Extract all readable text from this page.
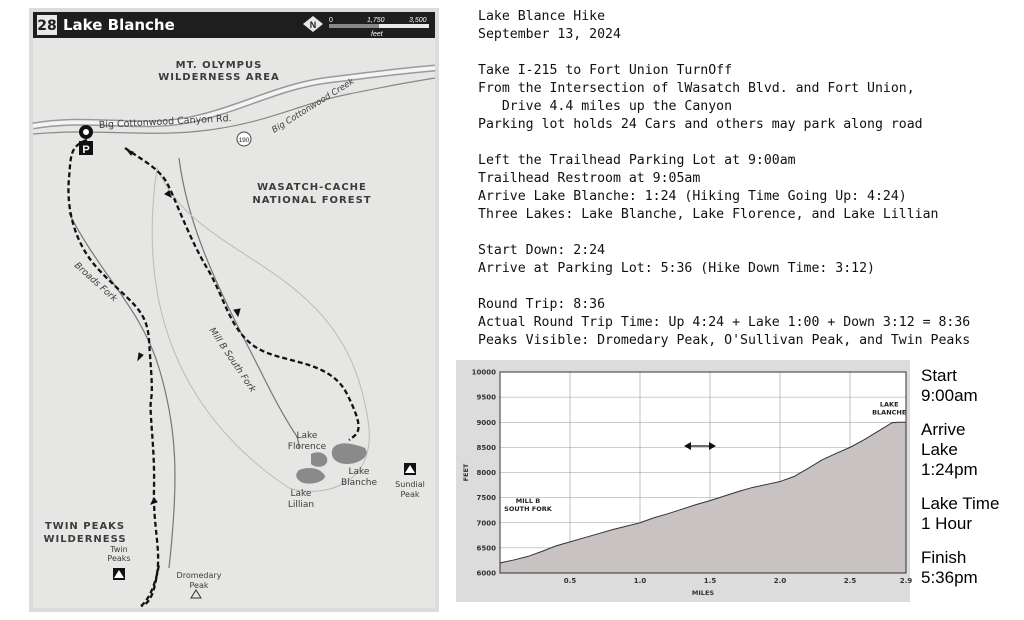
28 Lake Blanche	N 0	1,750	3,500
feet
Big Cottonwood Canyon Rd.	Big Cottonwood Creek
190
MT. OLYMPUS
WILDERNESS AREA
WASATCH-CACHE
NATIONAL FOREST
TWIN PEAKS
WILDERNESS
Broads Fork
Mill B South Fork
P
Lake
Florence
Lake
Blanche
Lake
Lillian
Sundial
Peak
Twin
Peaks
Dromedary
Peak
Lake Blance Hike
September 13, 2024
Take I-215 to Fort Union TurnOff
From the Intersection of lWasatch Blvd. and Fort Union,
Drive 4.4 miles up the Canyon
Parking lot holds 24 Cars and others may park along road
Left the Trailhead Parking Lot at 9:00am
Trailhead Restroom at 9:05am
Arrive Lake Blanche: 1:24 (Hiking Time Going Up: 4:24)
Three Lakes: Lake Blanche, Lake Florence, and Lake Lillian
Start Down: 2:24
Arrive at Parking Lot: 5:36 (Hike Down Time: 3:12)
Round Trip: 8:36
Actual Round Trip Time: Up 4:24 + Lake 1:00 + Down 3:12 = 8:36
Peaks Visible: Dromedary Peak, O'Sullivan Peak, and Twin Peaks
0.5	1.0	1.5	2.0	2.5	2.9
6000
6500
7000
7500
8000
8500
9000
9500
10000
MILES
FEET
LAKE
BLANCHE
MILL B
SOUTH FORK
Start
9:00am
Arrive
Lake
1:24pm
Lake Time
1 Hour
Finish
5:36pm
